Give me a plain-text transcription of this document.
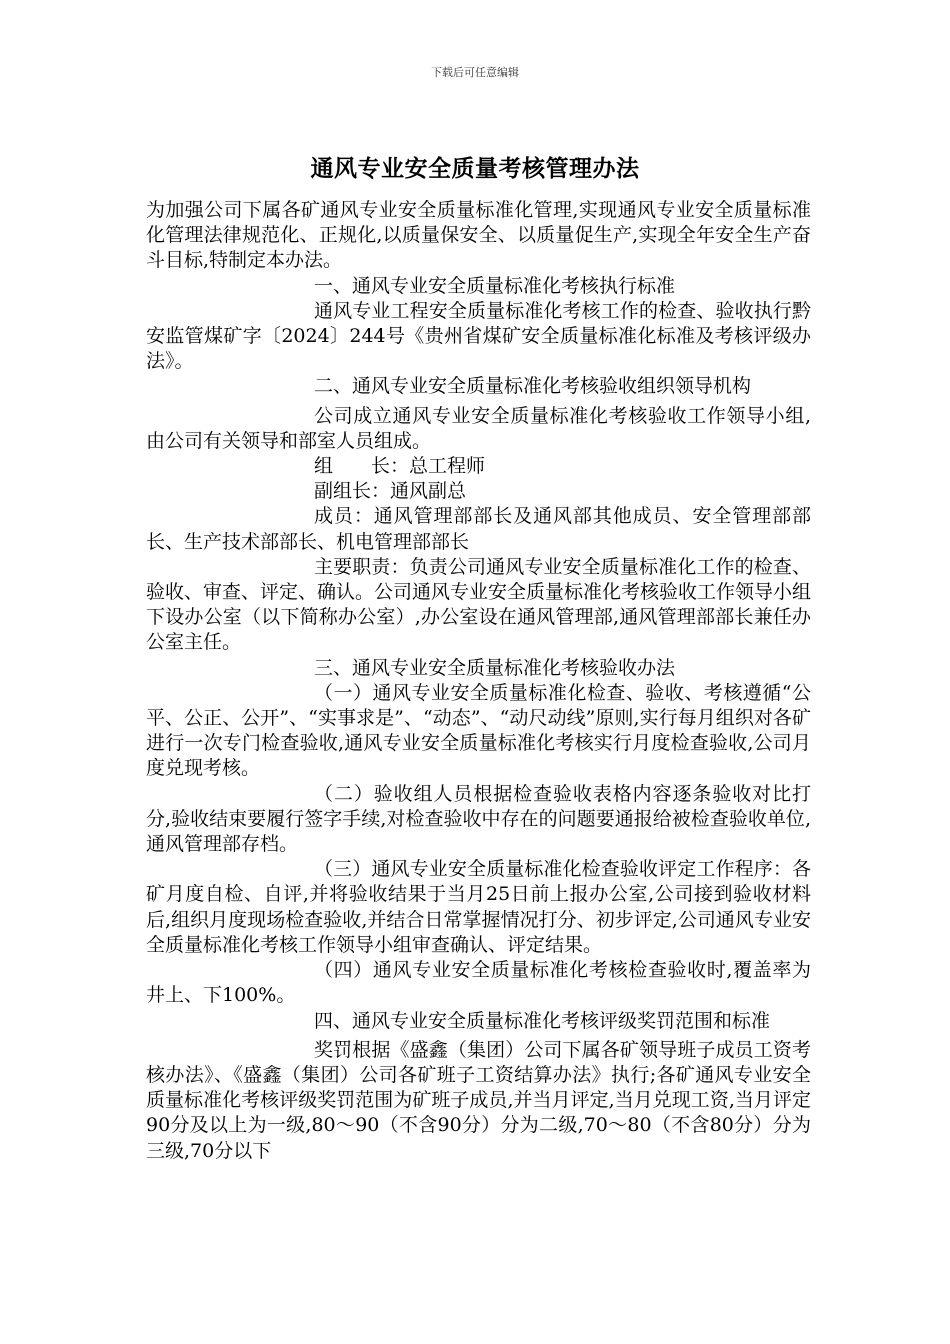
下载后可任意编辑
通风专业安全质量考核管理办法

为加强公司下属各矿通风专业安全质量标准化管理,实现通风专业安全质量标准化管理法律规范化、正规化,以质量保安全、以质量促生产,实现全年安全生产奋斗目标,特制定本办法。

一、通风专业安全质量标准化考核执行标准

通风专业工程安全质量标准化考核工作的检查、验收执行黔安监管煤矿字〔2024〕244号《贵州省煤矿安全质量标准化标准及考核评级办法》。

二、通风专业安全质量标准化考核验收组织领导机构

公司成立通风专业安全质量标准化考核验收工作领导小组,由公司有关领导和部室人员组成。

组　　长：总工程师

副组长：通风副总

成员：通风管理部部长及通风部其他成员、安全管理部部长、生产技术部部长、机电管理部部长

主要职责：负责公司通风专业安全质量标准化工作的检查、验收、审查、评定、确认。公司通风专业安全质量标准化考核验收工作领导小组下设办公室（以下简称办公室）,办公室设在通风管理部,通风管理部部长兼任办公室主任。

三、通风专业安全质量标准化考核验收办法

（一）通风专业安全质量标准化检查、验收、考核遵循“公平、公正、公开”、“实事求是”、“动态”、“动尺动线”原则,实行每月组织对各矿进行一次专门检查验收,通风专业安全质量标准化考核实行月度检查验收,公司月度兑现考核。

（二）验收组人员根据检查验收表格内容逐条验收对比打分,验收结束要履行签字手续,对检查验收中存在的问题要通报给被检查验收单位,通风管理部存档。

（三）通风专业安全质量标准化检查验收评定工作程序：各矿月度自检、自评,并将验收结果于当月25日前上报办公室,公司接到验收材料后,组织月度现场检查验收,并结合日常掌握情况打分、初步评定,公司通风专业安全质量标准化考核工作领导小组审查确认、评定结果。

（四）通风专业安全质量标准化考核检查验收时,覆盖率为井上、下100%。

四、通风专业安全质量标准化考核评级奖罚范围和标准

奖罚根据《盛鑫（集团）公司下属各矿领导班子成员工资考核办法》、《盛鑫（集团）公司各矿班子工资结算办法》执行;各矿通风专业安全质量标准化考核评级奖罚范围为矿班子成员,并当月评定,当月兑现工资,当月评定90分及以上为一级,80～90（不含90分）分为二级,70～80（不含80分）分为三级,70分以下
